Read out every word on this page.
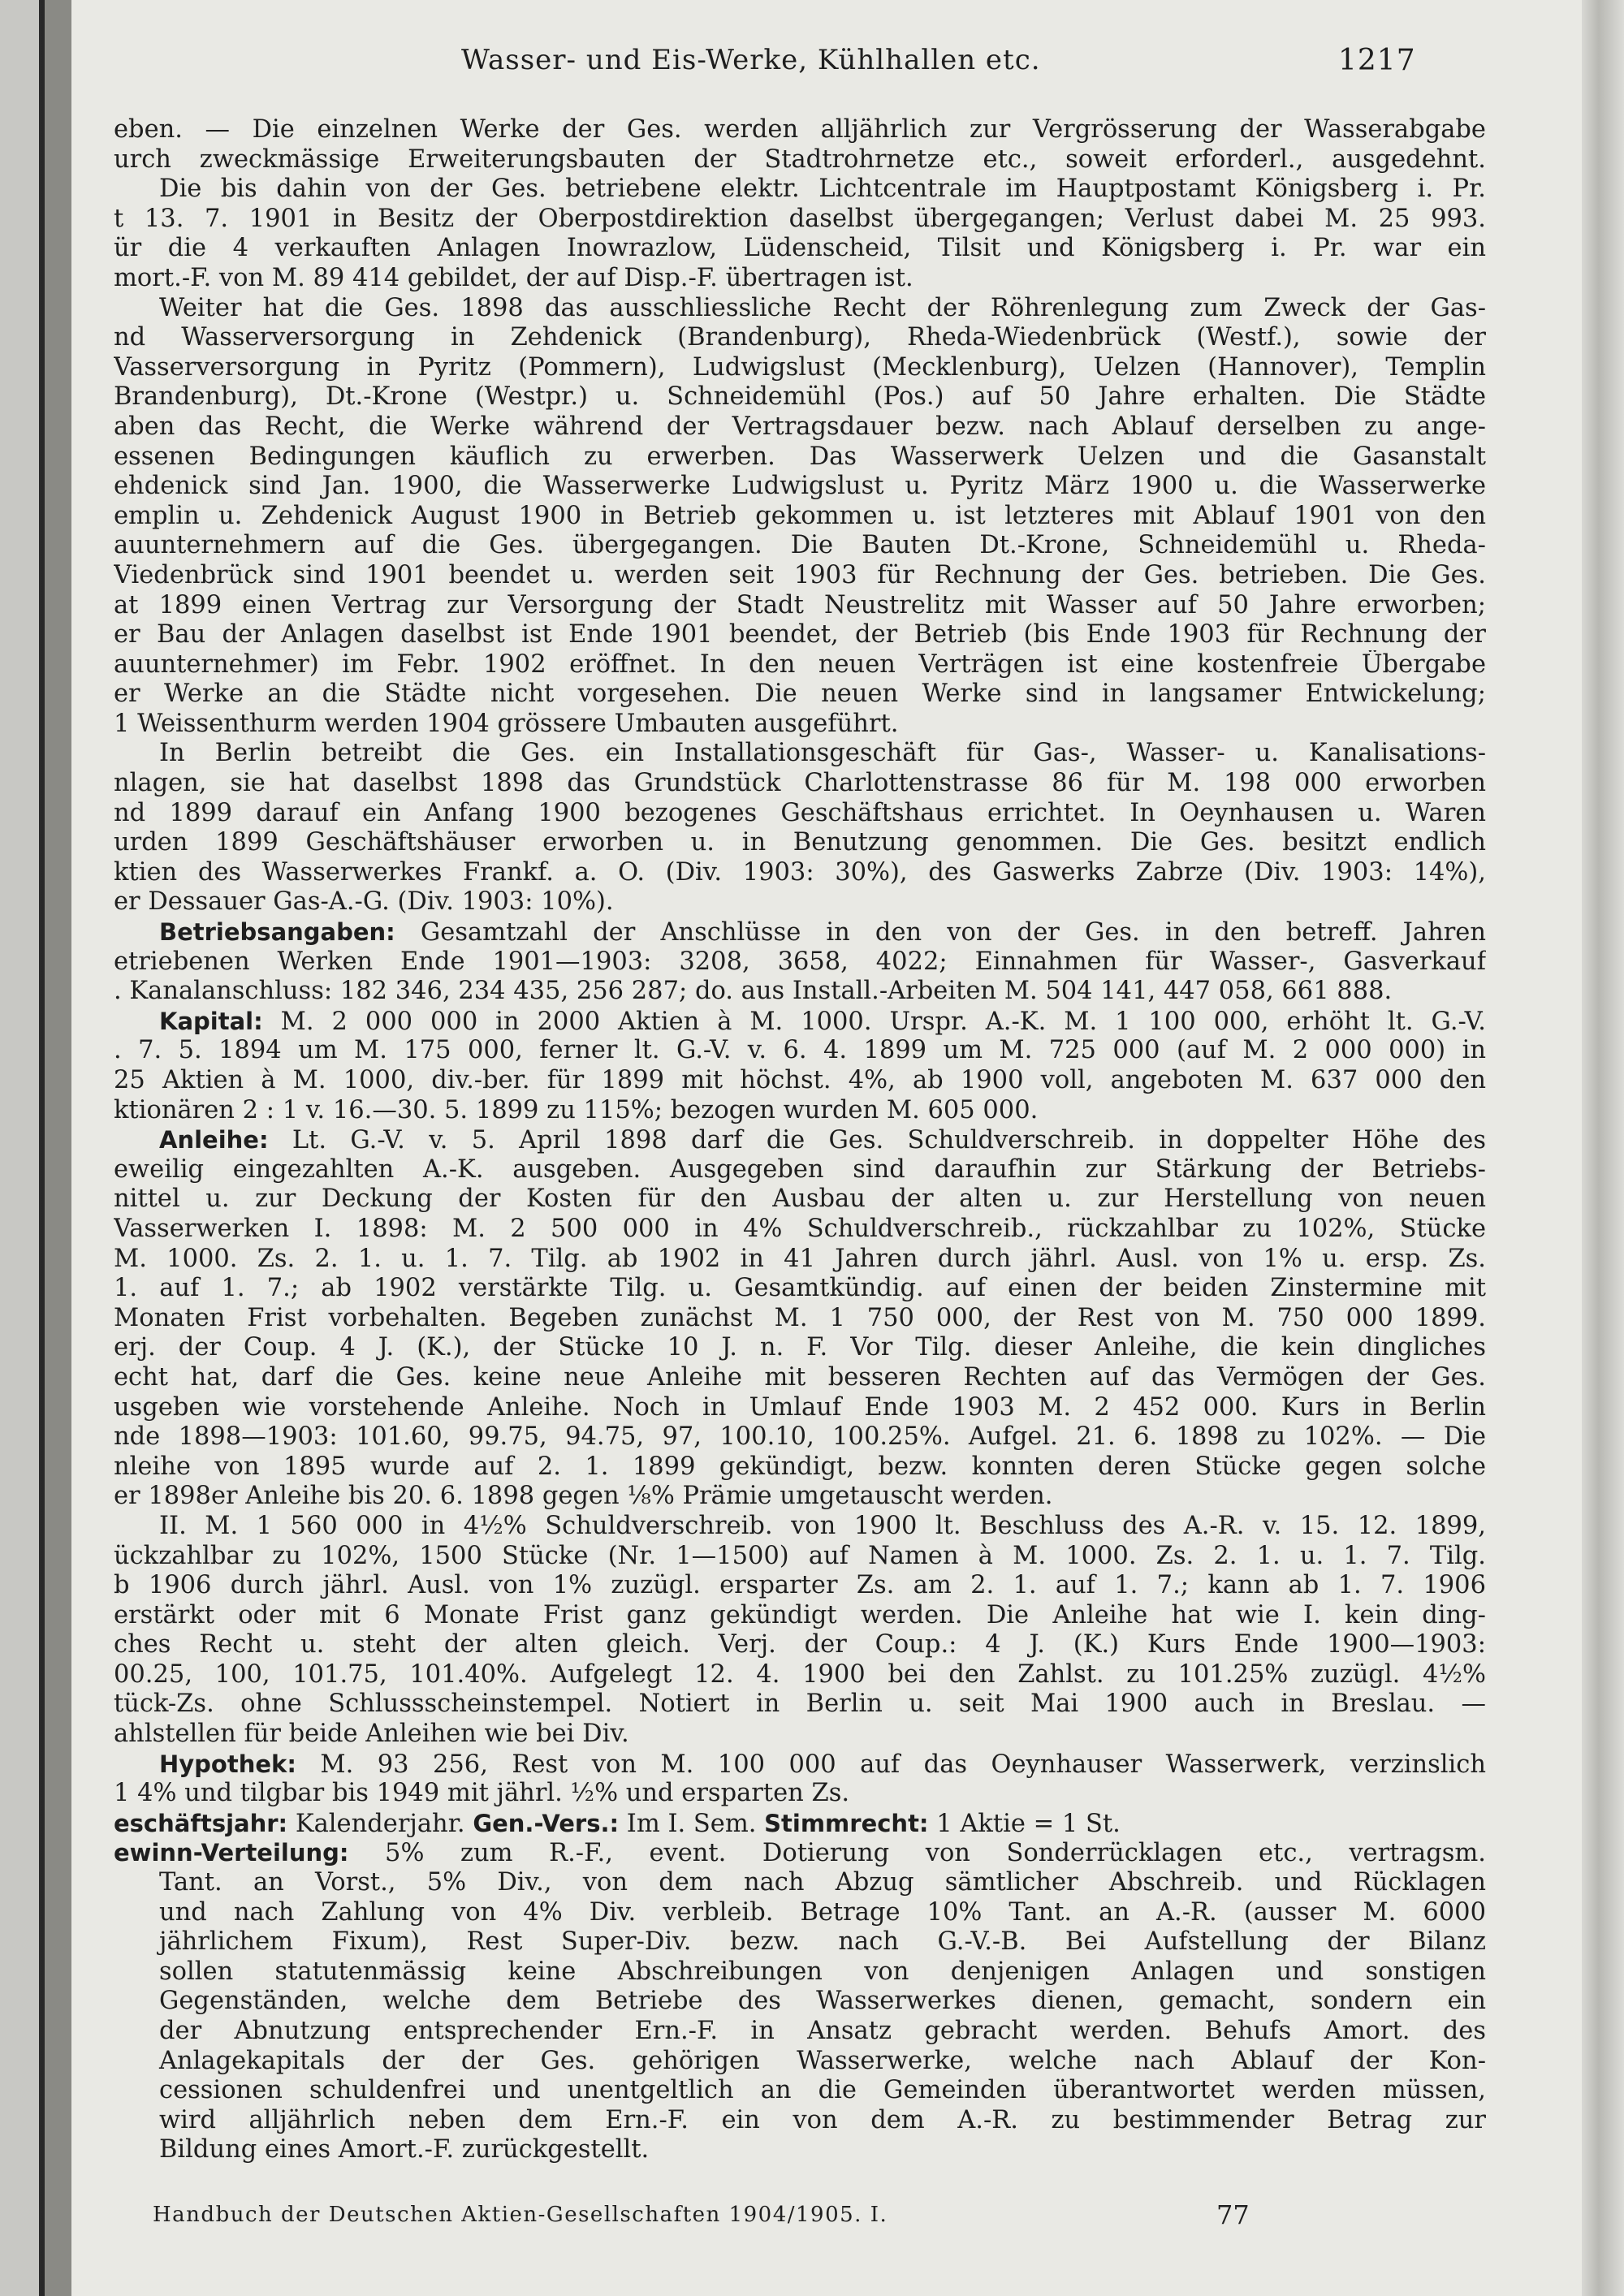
Wasser- und Eis-Werke, Kühlhallen etc.	1217
eben. — Die einzelnen Werke der Ges. werden alljährlich zur Vergrösserung der Wasserabgabe
urch zweckmässige Erweiterungsbauten der Stadtrohrnetze etc., soweit erforderl., ausgedehnt.
Die bis dahin von der Ges. betriebene elektr. Lichtcentrale im Hauptpostamt Königsberg i. Pr.
t 13. 7. 1901 in Besitz der Oberpostdirektion daselbst übergegangen; Verlust dabei M. 25 993.
ür die 4 verkauften Anlagen Inowrazlow, Lüdenscheid, Tilsit und Königsberg i. Pr. war ein
mort.-F. von M. 89 414 gebildet, der auf Disp.-F. übertragen ist.
Weiter hat die Ges. 1898 das ausschliessliche Recht der Röhrenlegung zum Zweck der Gas-
nd Wasserversorgung in Zehdenick (Brandenburg), Rheda-Wiedenbrück (Westf.), sowie der
Vasserversorgung in Pyritz (Pommern), Ludwigslust (Mecklenburg), Uelzen (Hannover), Templin
Brandenburg), Dt.-Krone (Westpr.) u. Schneidemühl (Pos.) auf 50 Jahre erhalten. Die Städte
aben das Recht, die Werke während der Vertragsdauer bezw. nach Ablauf derselben zu ange-
essenen Bedingungen käuflich zu erwerben. Das Wasserwerk Uelzen und die Gasanstalt
ehdenick sind Jan. 1900, die Wasserwerke Ludwigslust u. Pyritz März 1900 u. die Wasserwerke
emplin u. Zehdenick August 1900 in Betrieb gekommen u. ist letzteres mit Ablauf 1901 von den
auunternehmern auf die Ges. übergegangen. Die Bauten Dt.-Krone, Schneidemühl u. Rheda-
Viedenbrück sind 1901 beendet u. werden seit 1903 für Rechnung der Ges. betrieben. Die Ges.
at 1899 einen Vertrag zur Versorgung der Stadt Neustrelitz mit Wasser auf 50 Jahre erworben;
er Bau der Anlagen daselbst ist Ende 1901 beendet, der Betrieb (bis Ende 1903 für Rechnung der
auunternehmer) im Febr. 1902 eröffnet. In den neuen Verträgen ist eine kostenfreie Übergabe
er Werke an die Städte nicht vorgesehen. Die neuen Werke sind in langsamer Entwickelung;
1 Weissenthurm werden 1904 grössere Umbauten ausgeführt.
In Berlin betreibt die Ges. ein Installationsgeschäft für Gas-, Wasser- u. Kanalisations-
nlagen, sie hat daselbst 1898 das Grundstück Charlottenstrasse 86 für M. 198 000 erworben
nd 1899 darauf ein Anfang 1900 bezogenes Geschäftshaus errichtet. In Oeynhausen u. Waren
urden 1899 Geschäftshäuser erworben u. in Benutzung genommen. Die Ges. besitzt endlich
ktien des Wasserwerkes Frankf. a. O. (Div. 1903: 30%), des Gaswerks Zabrze (Div. 1903: 14%),
er Dessauer Gas-A.-G. (Div. 1903: 10%).
Betriebsangaben: Gesamtzahl der Anschlüsse in den von der Ges. in den betreff. Jahren
etriebenen Werken Ende 1901—1903: 3208, 3658, 4022; Einnahmen für Wasser-, Gasverkauf
. Kanalanschluss: 182 346, 234 435, 256 287; do. aus Install.-Arbeiten M. 504 141, 447 058, 661 888.
Kapital: M. 2 000 000 in 2000 Aktien à M. 1000. Urspr. A.-K. M. 1 100 000, erhöht lt. G.-V.
. 7. 5. 1894 um M. 175 000, ferner lt. G.-V. v. 6. 4. 1899 um M. 725 000 (auf M. 2 000 000) in
25 Aktien à M. 1000, div.-ber. für 1899 mit höchst. 4%, ab 1900 voll, angeboten M. 637 000 den
ktionären 2 : 1 v. 16.—30. 5. 1899 zu 115%; bezogen wurden M. 605 000.
Anleihe: Lt. G.-V. v. 5. April 1898 darf die Ges. Schuldverschreib. in doppelter Höhe des
eweilig eingezahlten A.-K. ausgeben. Ausgegeben sind daraufhin zur Stärkung der Betriebs-
nittel u. zur Deckung der Kosten für den Ausbau der alten u. zur Herstellung von neuen
Vasserwerken I. 1898: M. 2 500 000 in 4% Schuldverschreib., rückzahlbar zu 102%, Stücke
M. 1000. Zs. 2. 1. u. 1. 7. Tilg. ab 1902 in 41 Jahren durch jährl. Ausl. von 1% u. ersp. Zs.
1. auf 1. 7.; ab 1902 verstärkte Tilg. u. Gesamtkündig. auf einen der beiden Zinstermine mit
Monaten Frist vorbehalten. Begeben zunächst M. 1 750 000, der Rest von M. 750 000 1899.
erj. der Coup. 4 J. (K.), der Stücke 10 J. n. F. Vor Tilg. dieser Anleihe, die kein dingliches
echt hat, darf die Ges. keine neue Anleihe mit besseren Rechten auf das Vermögen der Ges.
usgeben wie vorstehende Anleihe. Noch in Umlauf Ende 1903 M. 2 452 000. Kurs in Berlin
nde 1898—1903: 101.60, 99.75, 94.75, 97, 100.10, 100.25%. Aufgel. 21. 6. 1898 zu 102%. — Die
nleihe von 1895 wurde auf 2. 1. 1899 gekündigt, bezw. konnten deren Stücke gegen solche
er 1898er Anleihe bis 20. 6. 1898 gegen ⅛% Prämie umgetauscht werden.
II. M. 1 560 000 in 4½% Schuldverschreib. von 1900 lt. Beschluss des A.-R. v. 15. 12. 1899,
ückzahlbar zu 102%, 1500 Stücke (Nr. 1—1500) auf Namen à M. 1000. Zs. 2. 1. u. 1. 7. Tilg.
b 1906 durch jährl. Ausl. von 1% zuzügl. ersparter Zs. am 2. 1. auf 1. 7.; kann ab 1. 7. 1906
erstärkt oder mit 6 Monate Frist ganz gekündigt werden. Die Anleihe hat wie I. kein ding-
ches Recht u. steht der alten gleich. Verj. der Coup.: 4 J. (K.) Kurs Ende 1900—1903:
00.25, 100, 101.75, 101.40%. Aufgelegt 12. 4. 1900 bei den Zahlst. zu 101.25% zuzügl. 4½%
tück-Zs. ohne Schlussscheinstempel. Notiert in Berlin u. seit Mai 1900 auch in Breslau. —
ahlstellen für beide Anleihen wie bei Div.
Hypothek: M. 93 256, Rest von M. 100 000 auf das Oeynhauser Wasserwerk, verzinslich
1 4% und tilgbar bis 1949 mit jährl. ½% und ersparten Zs.
eschäftsjahr: Kalenderjahr. Gen.-Vers.: Im I. Sem. Stimmrecht: 1 Aktie = 1 St.
ewinn-Verteilung: 5% zum R.-F., event. Dotierung von Sonderrücklagen etc., vertragsm.
Tant. an Vorst., 5% Div., von dem nach Abzug sämtlicher Abschreib. und Rücklagen
und nach Zahlung von 4% Div. verbleib. Betrage 10% Tant. an A.-R. (ausser M. 6000
jährlichem Fixum), Rest Super-Div. bezw. nach G.-V.-B. Bei Aufstellung der Bilanz
sollen statutenmässig keine Abschreibungen von denjenigen Anlagen und sonstigen
Gegenständen, welche dem Betriebe des Wasserwerkes dienen, gemacht, sondern ein
der Abnutzung entsprechender Ern.-F. in Ansatz gebracht werden. Behufs Amort. des
Anlagekapitals der der Ges. gehörigen Wasserwerke, welche nach Ablauf der Kon-
cessionen schuldenfrei und unentgeltlich an die Gemeinden überantwortet werden müssen,
wird alljährlich neben dem Ern.-F. ein von dem A.-R. zu bestimmender Betrag zur
Bildung eines Amort.-F. zurückgestellt.
Handbuch der Deutschen Aktien-Gesellschaften 1904/1905. I.	77
